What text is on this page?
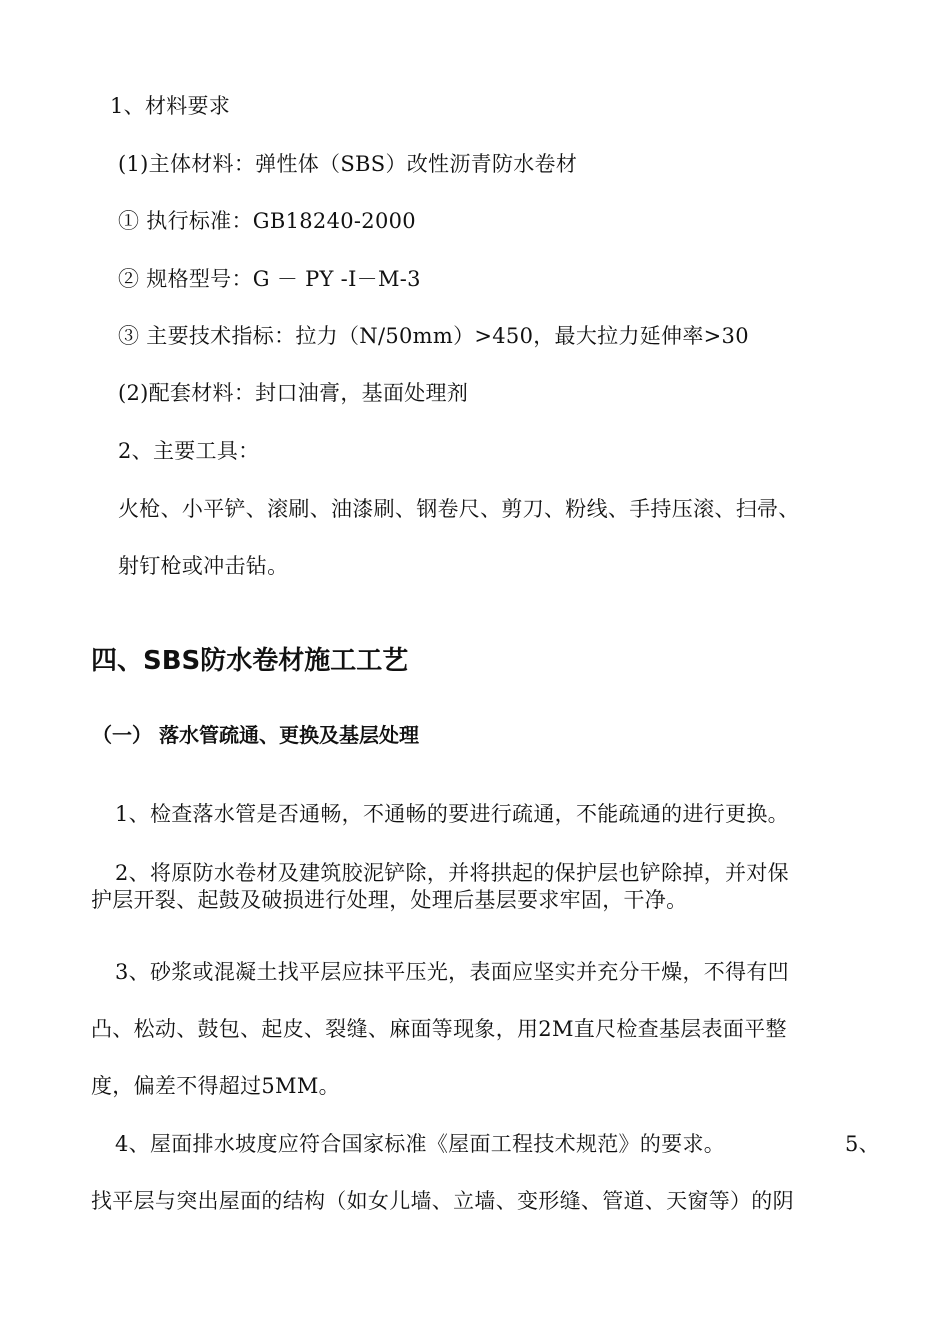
1、材料要求
(1)主体材料：弹性体（SBS）改性沥青防水卷材
① 执行标准：GB18240-2000
② 规格型号：G － PY -Ⅰ－M-3
③ 主要技术指标：拉力（N/50mm）>450，最大拉力延伸率>30
(2)配套材料：封口油膏，基面处理剂
2、主要工具：
火枪、小平铲、滚刷、油漆刷、钢卷尺、剪刀、粉线、手持压滚、扫帚、
射钉枪或冲击钻。
四、SBS防水卷材施工工艺
（一） 落水管疏通、更换及基层处理
1、检查落水管是否通畅，不通畅的要进行疏通，不能疏通的进行更换。
2、将原防水卷材及建筑胶泥铲除，并将拱起的保护层也铲除掉，并对保
护层开裂、起鼓及破损进行处理，处理后基层要求牢固，干净。
3、砂浆或混凝土找平层应抹平压光，表面应坚实并充分干燥，不得有凹
凸、松动、鼓包、起皮、裂缝、麻面等现象，用2M直尺检查基层表面平整
度，偏差不得超过5MM。
4、屋面排水坡度应符合国家标准《屋面工程技术规范》的要求。	5、
找平层与突出屋面的结构（如女儿墙、立墙、变形缝、管道、天窗等）的阴
